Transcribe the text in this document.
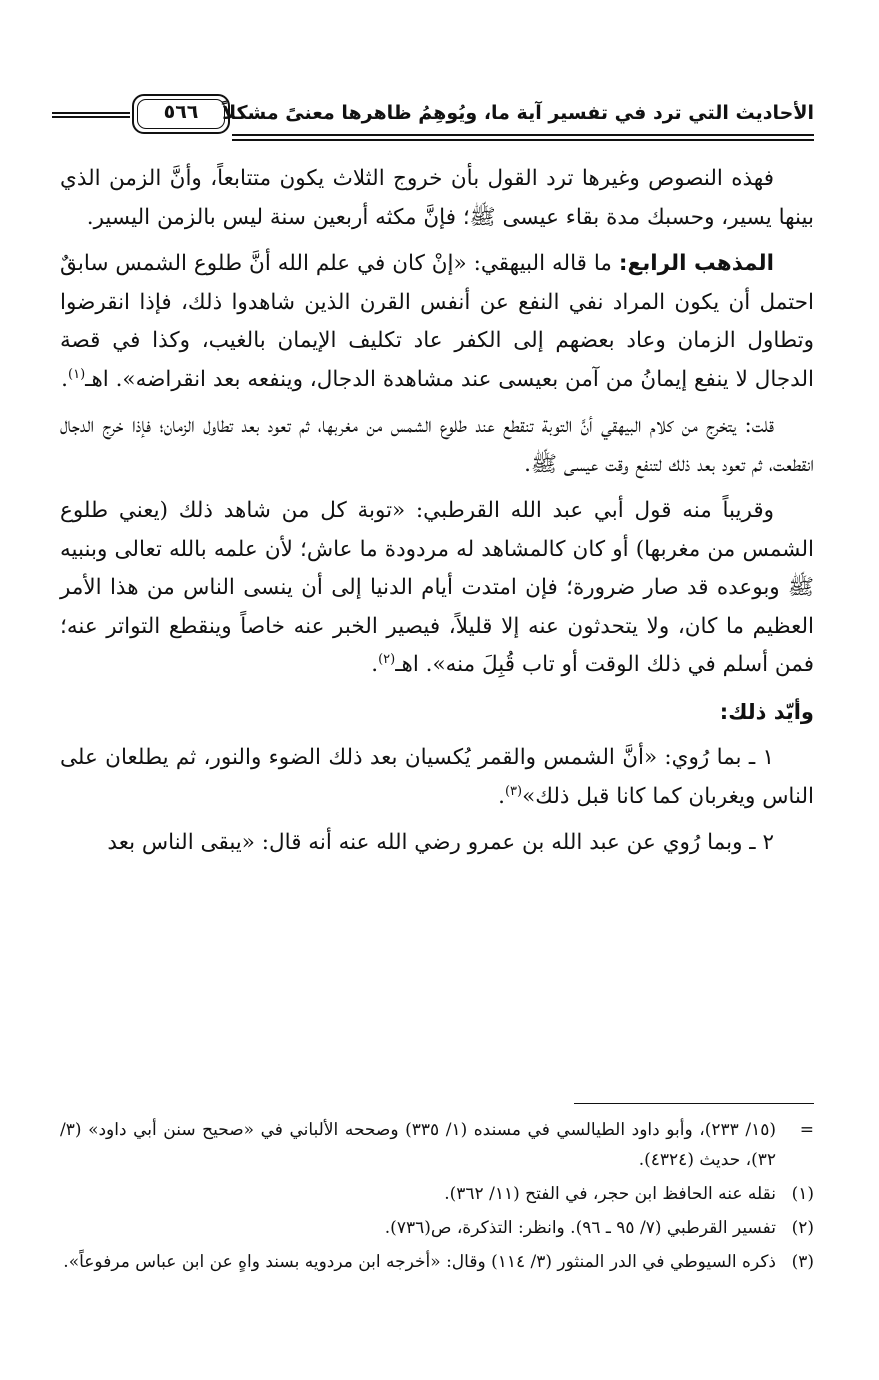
٥٦٦	الأحاديث التي ترد في تفسير آية ما، ويُوهِمُ ظاهرها معنىً مشكلاً

فهذه النصوص وغيرها ترد القول بأن خروج الثلاث يكون متتابعاً، وأنَّ الزمن الذي بينها يسير، وحسبك مدة بقاء عيسى ﷺ؛ فإنَّ مكثه أربعين سنة ليس بالزمن اليسير.

المذهب الرابع: ما قاله البيهقي: «إنْ كان في علم الله أنَّ طلوع الشمس سابقٌ احتمل أن يكون المراد نفي النفع عن أنفس القرن الذين شاهدوا ذلك، فإذا انقرضوا وتطاول الزمان وعاد بعضهم إلى الكفر عاد تكليف الإيمان بالغيب، وكذا في قصة الدجال لا ينفع إيمانُ من آمن بعيسى عند مشاهدة الدجال، وينفعه بعد انقراضه». اهـ$^{(١)}$.

قلت: يتخرج من كلام البيهقي أنَّ التوبة تنقطع عند طلوع الشمس من مغربها، ثم تعود بعد تطاول الزمان؛ فإذا خرج الدجال انقطعت، ثم تعود بعد ذلك لتنفع وقت عيسى ﷺ.

وقريباً منه قول أبي عبد الله القرطبي: «توبة كل من شاهد ذلك (يعني طلوع الشمس من مغربها) أو كان كالمشاهد له مردودة ما عاش؛ لأن علمه بالله تعالى وبنبيه ﷺ وبوعده قد صار ضرورة؛ فإن امتدت أيام الدنيا إلى أن ينسى الناس من هذا الأمر العظيم ما كان، ولا يتحدثون عنه إلا قليلاً، فيصير الخبر عنه خاصاً وينقطع التواتر عنه؛ فمن أسلم في ذلك الوقت أو تاب قُبِلَ منه». اهـ$^{(٢)}$.

وأيّد ذلك:

١ ـ بما رُوي: «أنَّ الشمس والقمر يُكسيان بعد ذلك الضوء والنور، ثم يطلعان على الناس ويغربان كما كانا قبل ذلك»$^{(٣)}$.

٢ ـ وبما رُوي عن عبد الله بن عمرو رضي الله عنه أنه قال: «يبقى الناس بعد

=
(١٥/ ٢٣٣)، وأبو داود الطيالسي في مسنده (١/ ٣٣٥) وصححه الألباني في «صحيح سنن أبي داود» (٣/ ٣٢)، حديث (٤٣٢٤).
(١)
نقله عنه الحافظ ابن حجر، في الفتح (١١/ ٣٦٢).
(٢)
تفسير القرطبي (٧/ ٩٥ ـ ٩٦). وانظر: التذكرة، ص(٧٣٦).
(٣)
ذكره السيوطي في الدر المنثور (٣/ ١١٤) وقال: «أخرجه ابن مردويه بسند واهٍ عن ابن عباس مرفوعاً».
